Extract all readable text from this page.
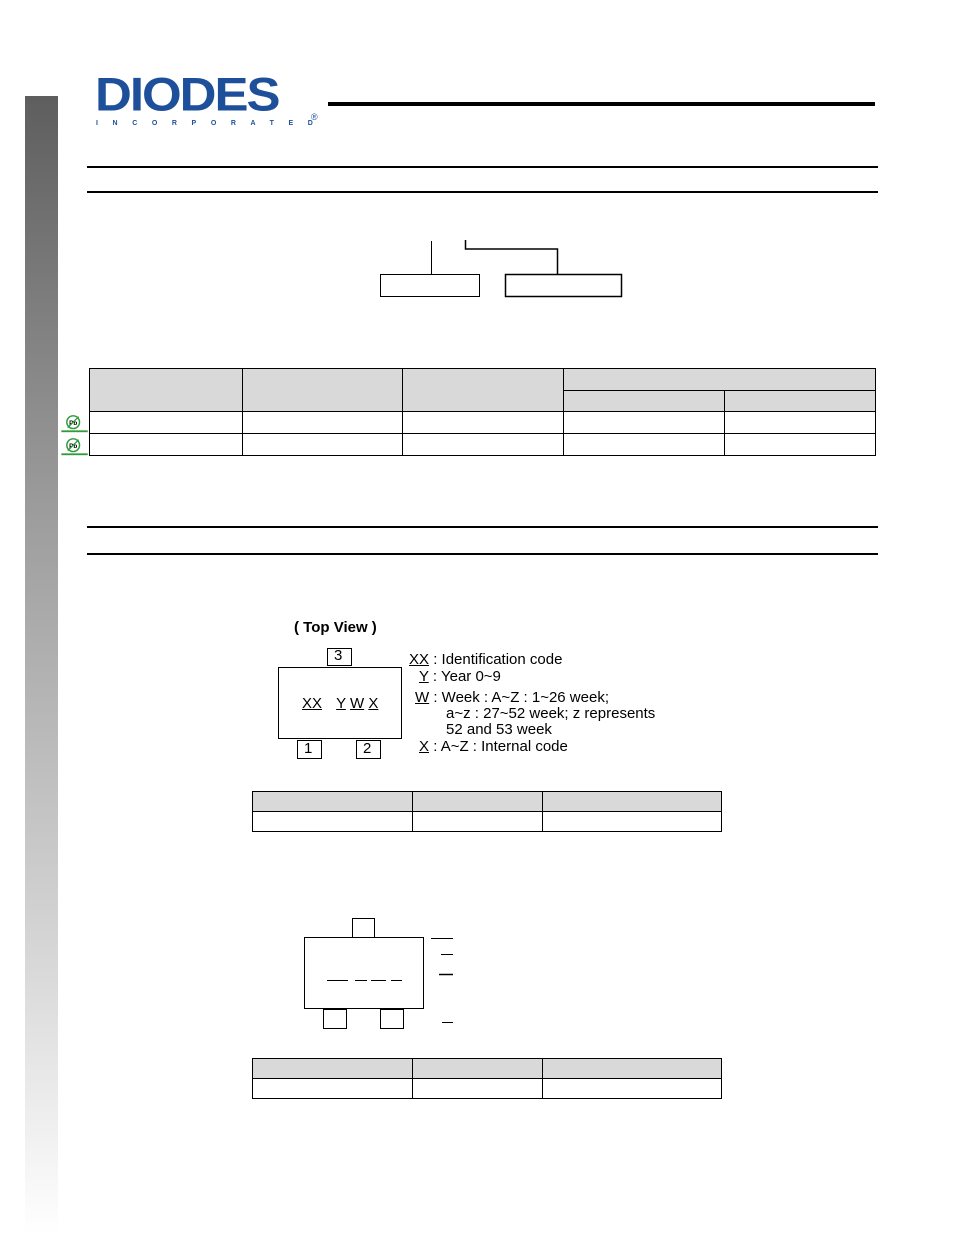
DIODES
INCORPORATED
®

Pb
Pb
( Top View )
3
1	2
XX Y W X
XX : Identification code
Y : Year 0~9
W : Week : A~Z : 1~26 week;
a~z : 27~52 week; z represents
52 and 53 week
X : A~Z : Internal code
